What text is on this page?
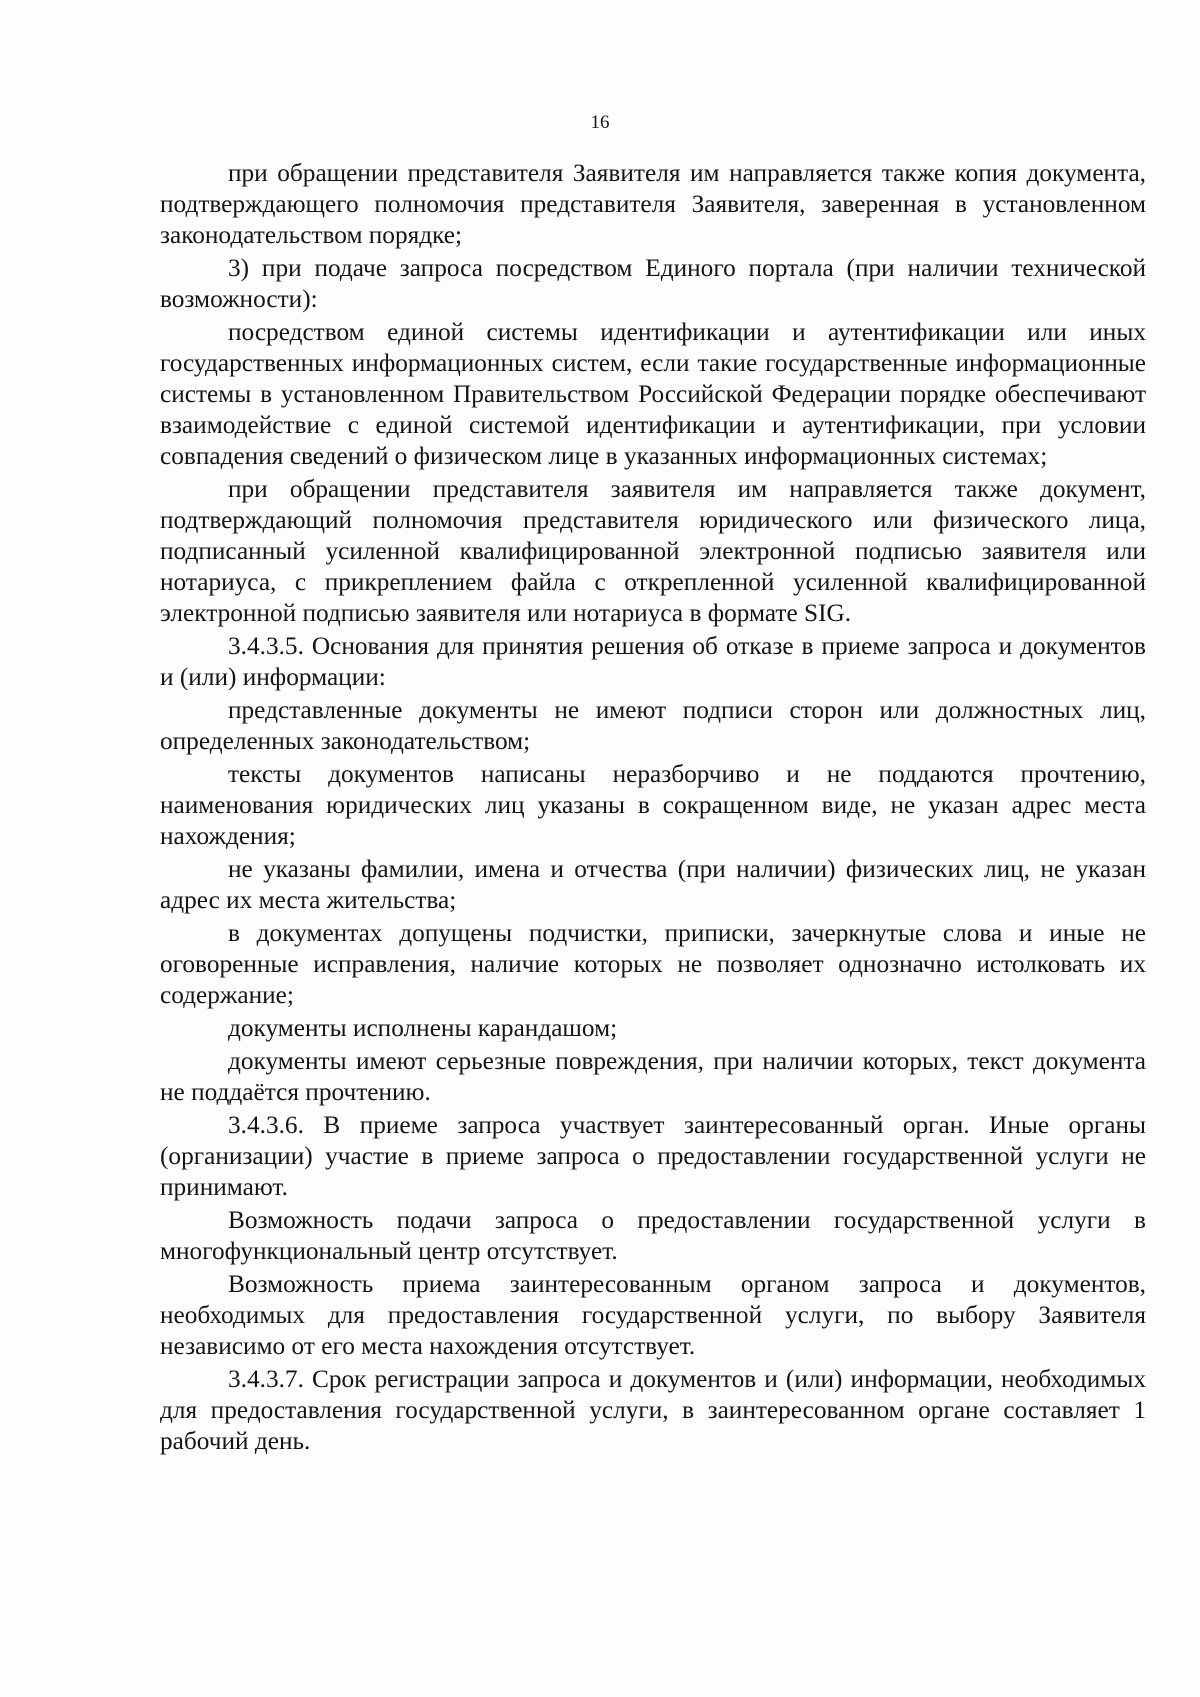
16

при обращении представителя Заявителя им направляется также копия документа, подтверждающего полномочия представителя Заявителя, заверенная в установленном законодательством порядке;

3) при подаче запроса посредством Единого портала (при наличии технической возможности):

посредством единой системы идентификации и аутентификации или иных государственных информационных систем, если такие государственные информационные системы в установленном Правительством Российской Федерации порядке обеспечивают взаимодействие с единой системой идентификации и аутентификации, при условии совпадения сведений о физическом лице в указанных информационных системах;

при обращении представителя заявителя им направляется также документ, подтверждающий полномочия представителя юридического или физического лица, подписанный усиленной квалифицированной электронной подписью заявителя или нотариуса, с прикреплением файла с открепленной усиленной квалифицированной электронной подписью заявителя или нотариуса в формате SIG.

3.4.3.5. Основания для принятия решения об отказе в приеме запроса и документов и (или) информации:

представленные документы не имеют подписи сторон или должностных лиц, определенных законодательством;

тексты документов написаны неразборчиво и не поддаются прочтению, наименования юридических лиц указаны в сокращенном виде, не указан адрес места нахождения;

не указаны фамилии, имена и отчества (при наличии) физических лиц, не указан адрес их места жительства;

в документах допущены подчистки, приписки, зачеркнутые слова и иные не оговоренные исправления, наличие которых не позволяет однозначно истолковать их содержание;

документы исполнены карандашом;

документы имеют серьезные повреждения, при наличии которых, текст документа не поддаётся прочтению.

3.4.3.6. В приеме запроса участвует заинтересованный орган. Иные органы (организации) участие в приеме запроса о предоставлении государственной услуги не принимают.

Возможность подачи запроса о предоставлении государственной услуги в многофункциональный центр отсутствует.

Возможность приема заинтересованным органом запроса и документов, необходимых для предоставления государственной услуги, по выбору Заявителя независимо от его места нахождения отсутствует.

3.4.3.7. Срок регистрации запроса и документов и (или) информации, необходимых для предоставления государственной услуги, в заинтересованном органе составляет 1 рабочий день.
